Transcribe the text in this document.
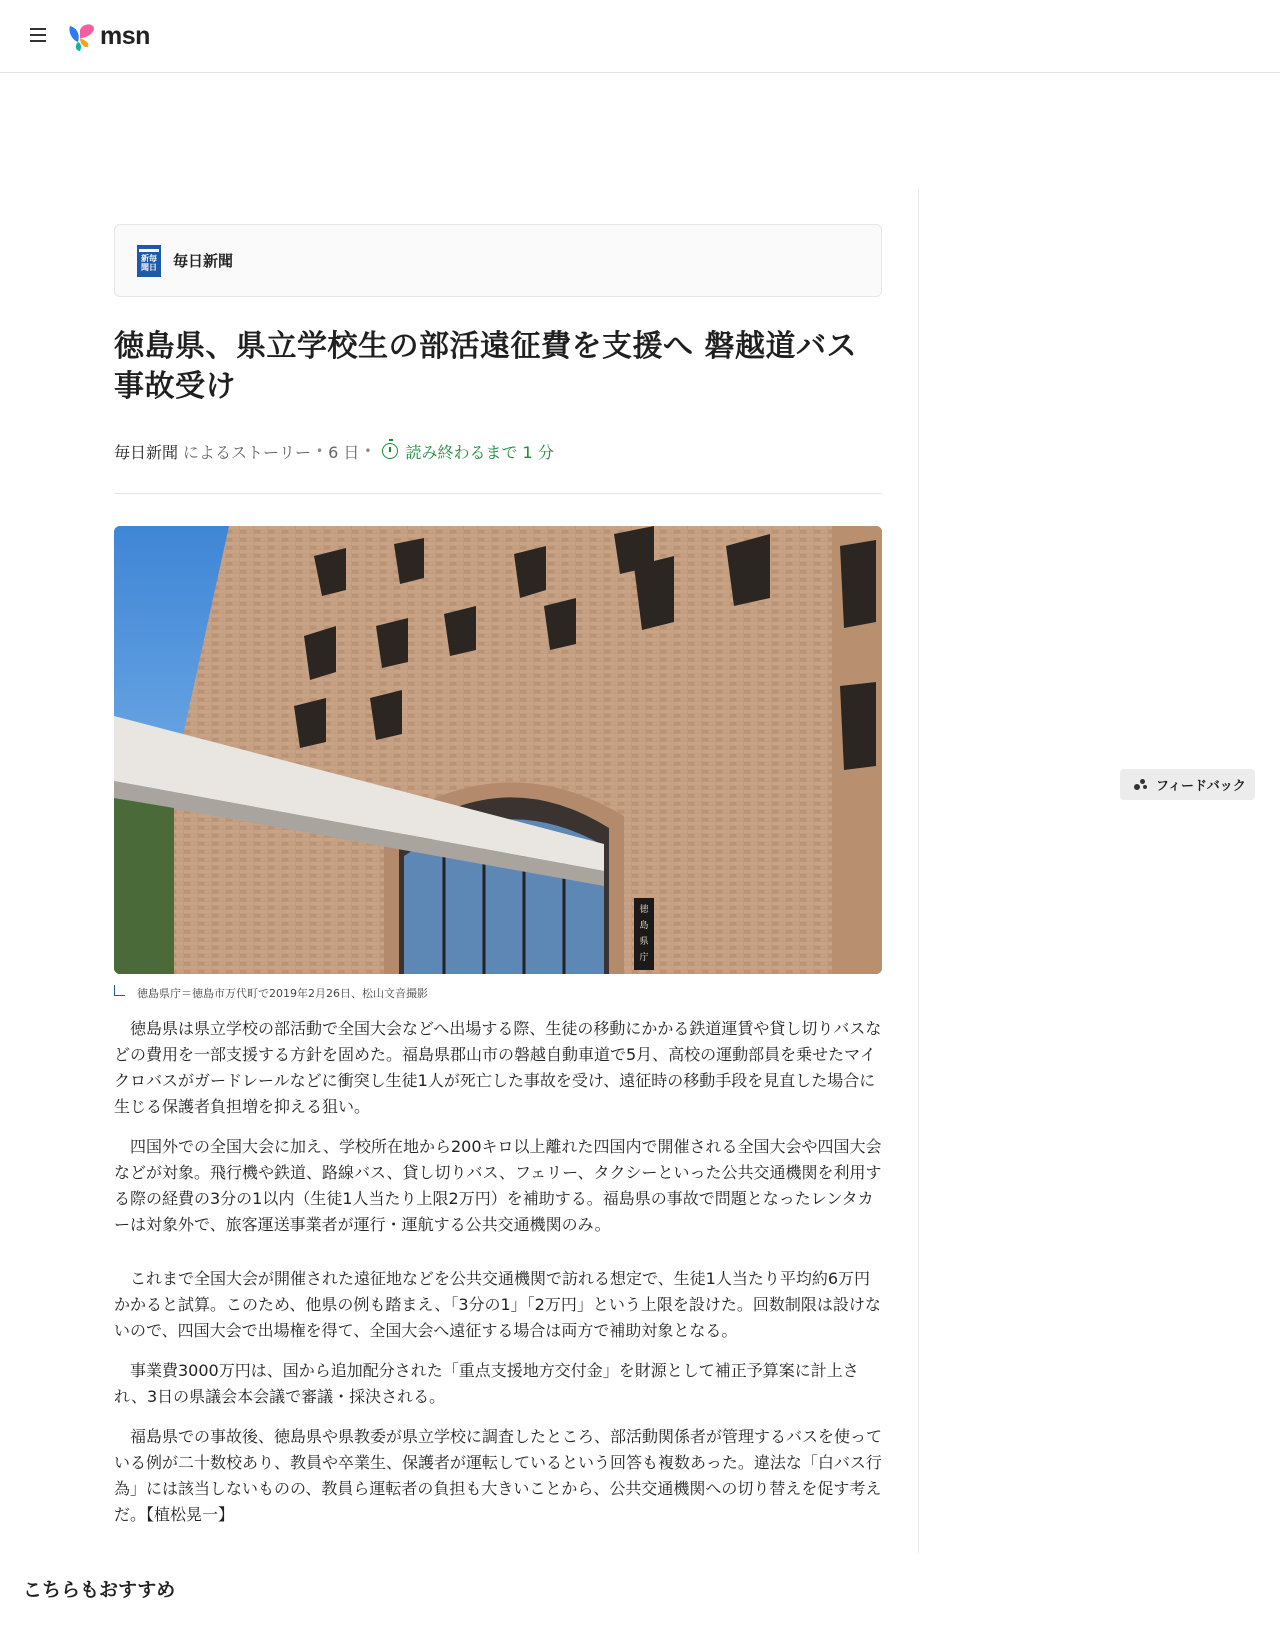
msn
新毎
聞日 毎日新聞
徳島県、県立学校生の部活遠征費を支援へ 磐越道バス事故受け
毎日新聞 によるストーリー • 6 日 • 読み終わるまで 1 分
徳
島
県
庁
徳島県庁＝徳島市万代町で2019年2月26日、松山文音撮影

徳島県は県立学校の部活動で全国大会などへ出場する際、生徒の移動にかかる鉄道運賃や貸し切りバスなどの費用を一部支援する方針を固めた。福島県郡山市の磐越自動車道で5月、高校の運動部員を乗せたマイクロバスがガードレールなどに衝突し生徒1人が死亡した事故を受け、遠征時の移動手段を見直した場合に生じる保護者負担増を抑える狙い。

四国外での全国大会に加え、学校所在地から200キロ以上離れた四国内で開催される全国大会や四国大会などが対象。飛行機や鉄道、路線バス、貸し切りバス、フェリー、タクシーといった公共交通機関を利用する際の経費の3分の1以内（生徒1人当たり上限2万円）を補助する。福島県の事故で問題となったレンタカーは対象外で、旅客運送事業者が運行・運航する公共交通機関のみ。

これまで全国大会が開催された遠征地などを公共交通機関で訪れる想定で、生徒1人当たり平均約6万円かかると試算。このため、他県の例も踏まえ、「3分の1」「2万円」という上限を設けた。回数制限は設けないので、四国大会で出場権を得て、全国大会へ遠征する場合は両方で補助対象となる。

事業費3000万円は、国から追加配分された「重点支援地方交付金」を財源として補正予算案に計上され、3日の県議会本会議で審議・採決される。

福島県での事故後、徳島県や県教委が県立学校に調査したところ、部活動関係者が管理するバスを使っている例が二十数校あり、教員や卒業生、保護者が運転しているという回答も複数あった。違法な「白バス行為」には該当しないものの、教員ら運転者の負担も大きいことから、公共交通機関への切り替えを促す考えだ。【植松晃一】

フィードバック
こちらもおすすめ
